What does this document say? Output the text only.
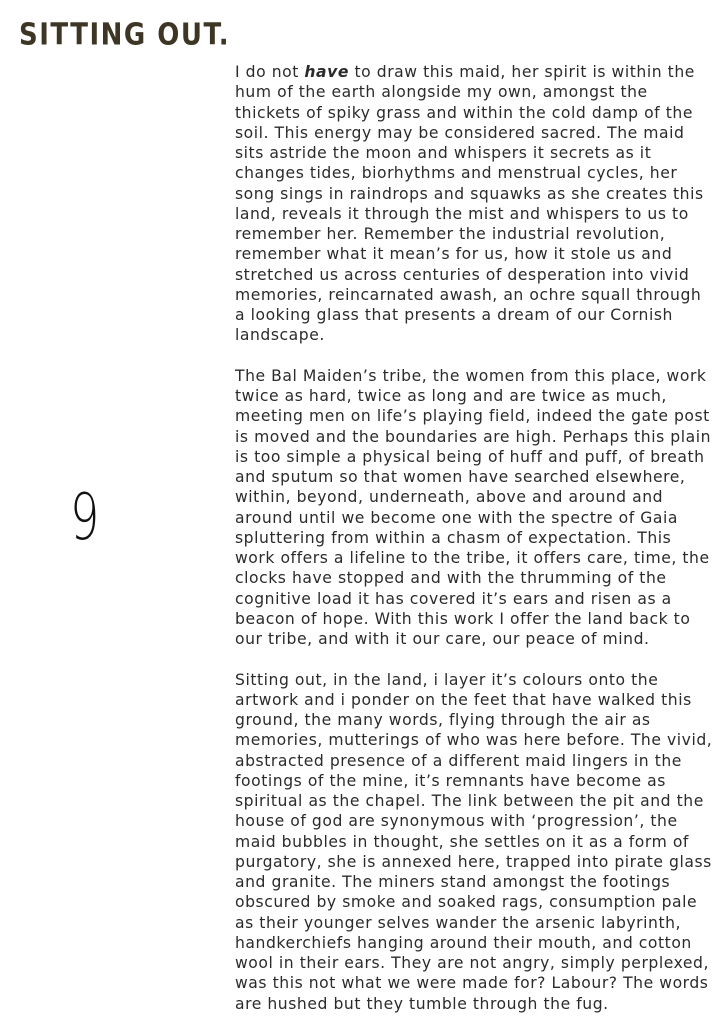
SITTING OUT.
9

I do not have to draw this maid, her spirit is within the
hum of the earth alongside my own, amongst the
thickets of spiky grass and within the cold damp of the
soil. This energy may be considered sacred. The maid
sits astride the moon and whispers it secrets as it
changes tides, biorhythms and menstrual cycles, her
song sings in raindrops and squawks as she creates this
land, reveals it through the mist and whispers to us to
remember her. Remember the industrial revolution,
remember what it mean’s for us, how it stole us and
stretched us across centuries of desperation into vivid
memories, reincarnated awash, an ochre squall through
a looking glass that presents a dream of our Cornish
landscape.

The Bal Maiden’s tribe, the women from this place, work
twice as hard, twice as long and are twice as much,
meeting men on life’s playing field, indeed the gate post
is moved and the boundaries are high. Perhaps this plain
is too simple a physical being of huff and puff, of breath
and sputum so that women have searched elsewhere,
within, beyond, underneath, above and around and
around until we become one with the spectre of Gaia
spluttering from within a chasm of expectation. This
work offers a lifeline to the tribe, it offers care, time, the
clocks have stopped and with the thrumming of the
cognitive load it has covered it’s ears and risen as a
beacon of hope. With this work I offer the land back to
our tribe, and with it our care, our peace of mind.

Sitting out, in the land, i layer it’s colours onto the
artwork and i ponder on the feet that have walked this
ground, the many words, flying through the air as
memories, mutterings of who was here before. The vivid,
abstracted presence of a different maid lingers in the
footings of the mine, it’s remnants have become as
spiritual as the chapel. The link between the pit and the
house of god are synonymous with ‘progression’, the
maid bubbles in thought, she settles on it as a form of
purgatory, she is annexed here, trapped into pirate glass
and granite. The miners stand amongst the footings
obscured by smoke and soaked rags, consumption pale
as their younger selves wander the arsenic labyrinth,
handkerchiefs hanging around their mouth, and cotton
wool in their ears. They are not angry, simply perplexed,
was this not what we were made for? Labour? The words
are hushed but they tumble through the fug.
